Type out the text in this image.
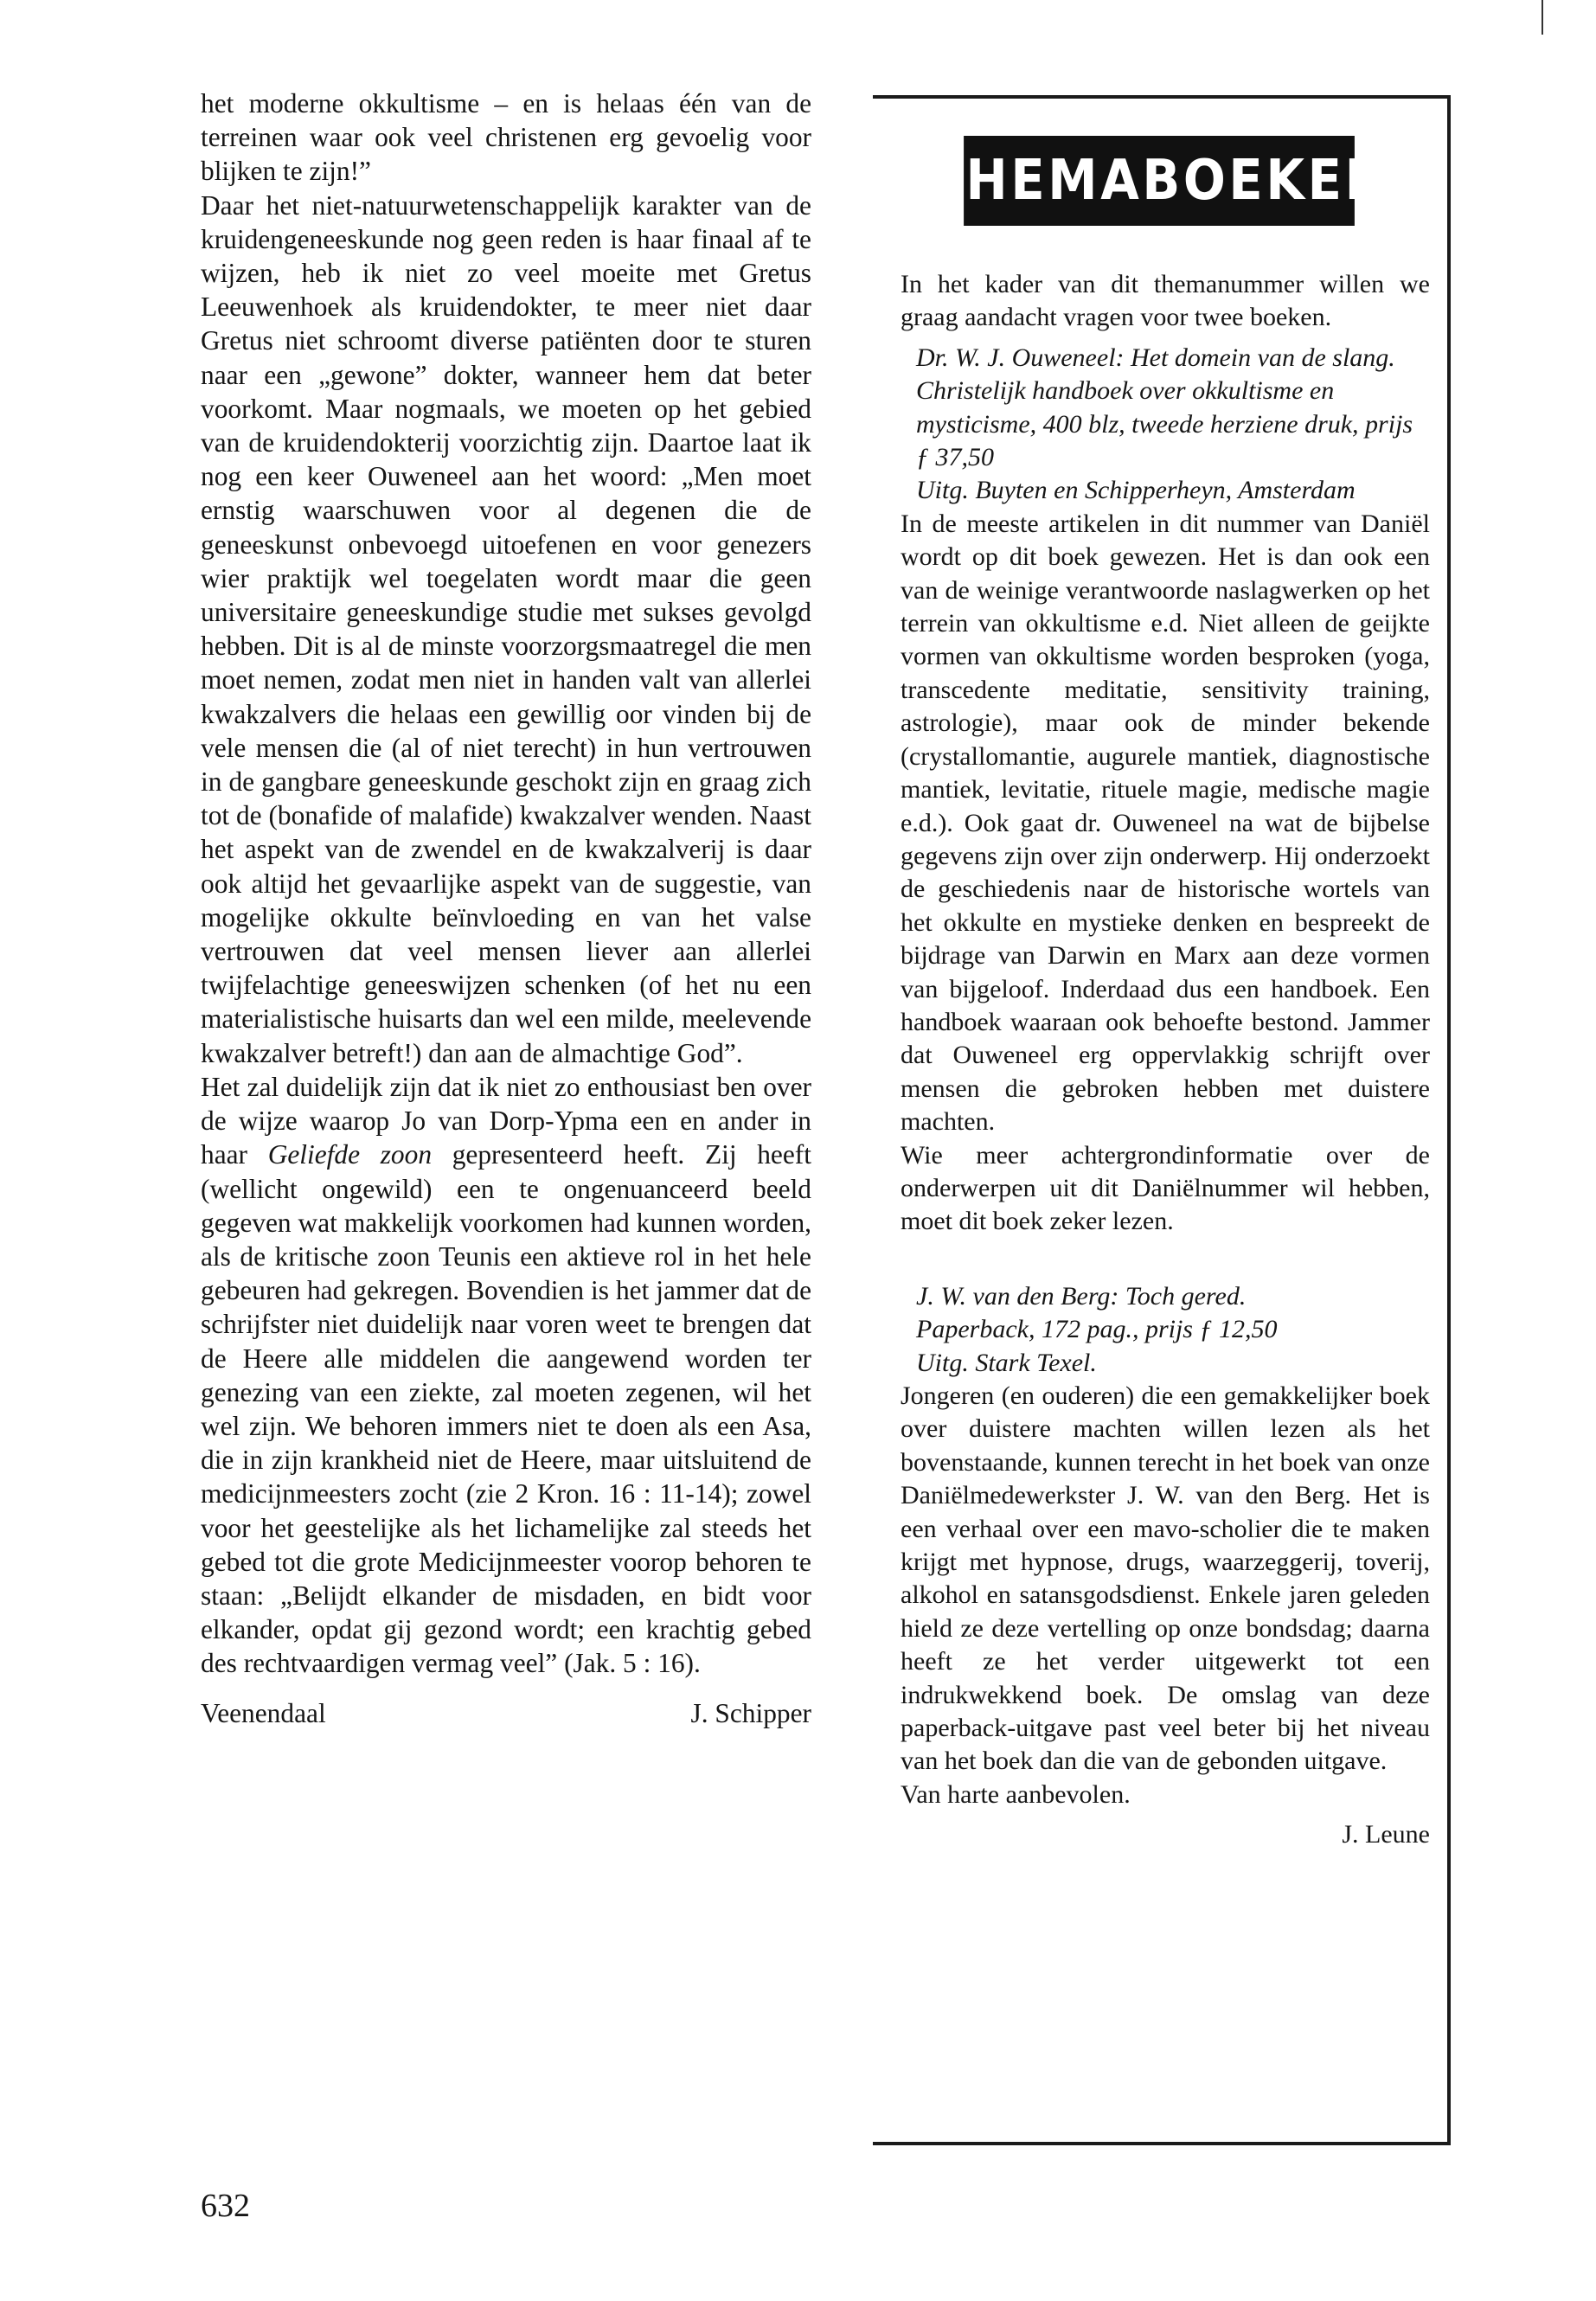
het moderne okkultisme – en is helaas één van de terreinen waar ook veel christenen erg gevoelig voor blijken te zijn!”

Daar het niet-natuurwetenschappelijk karakter van de kruidengeneeskunde nog geen reden is haar finaal af te wijzen, heb ik niet zo veel moeite met Gretus Leeuwenhoek als kruidendokter, te meer niet daar Gretus niet schroomt diverse patiënten door te sturen naar een „gewone” dokter, wanneer hem dat beter voorkomt. Maar nogmaals, we moeten op het gebied van de kruidendokterij voorzichtig zijn. Daartoe laat ik nog een keer Ouweneel aan het woord: „Men moet ernstig waarschuwen voor al degenen die de geneeskunst onbevoegd uitoefenen en voor genezers wier praktijk wel toegelaten wordt maar die geen universitaire geneeskundige studie met sukses gevolgd hebben. Dit is al de minste voorzorgsmaatregel die men moet nemen, zodat men niet in handen valt van allerlei kwakzalvers die helaas een gewillig oor vinden bij de vele mensen die (al of niet terecht) in hun vertrouwen in de gangbare geneeskunde geschokt zijn en graag zich tot de (bonafide of malafide) kwakzalver wenden. Naast het aspekt van de zwendel en de kwakzalverij is daar ook altijd het gevaarlijke aspekt van de suggestie, van mogelijke okkulte beïnvloeding en van het valse vertrouwen dat veel mensen liever aan allerlei twijfelachtige geneeswijzen schenken (of het nu een materialistische huisarts dan wel een milde, meelevende kwakzalver betreft!) dan aan de almachtige God”.

Het zal duidelijk zijn dat ik niet zo enthousiast ben over de wijze waarop Jo van Dorp-Ypma een en ander in haar Geliefde zoon gepresenteerd heeft. Zij heeft (wellicht ongewild) een te ongenuanceerd beeld gegeven wat makkelijk voorkomen had kunnen worden, als de kritische zoon Teunis een aktieve rol in het hele gebeuren had gekregen. Bovendien is het jammer dat de schrijfster niet duidelijk naar voren weet te brengen dat de Heere alle middelen die aangewend worden ter genezing van een ziekte, zal moeten zegenen, wil het wel zijn. We behoren immers niet te doen als een Asa, die in zijn krankheid niet de Heere, maar uitsluitend de medicijnmeesters zocht (zie 2 Kron. 16 : 11-14); zowel voor het geestelijke als het lichamelijke zal steeds het gebed tot die grote Medicijnmeester voorop behoren te staan: „Belijdt elkander de misdaden, en bidt voor elkander, opdat gij gezond wordt; een krachtig gebed des rechtvaardigen vermag veel” (Jak. 5 : 16).

Veenendaal	J. Schipper
632
THEMABOEKEN

In het kader van dit themanummer willen we graag aandacht vragen voor twee boeken.

Dr. W. J. Ouweneel: Het domein van de slang. Christelijk handboek over okkultisme en mysticisme, 400 blz, tweede herziene druk, prijs ƒ 37,50
Uitg. Buyten en Schipperheyn, Amsterdam

In de meeste artikelen in dit nummer van Daniël wordt op dit boek gewezen. Het is dan ook een van de weinige verantwoorde naslagwerken op het terrein van okkultisme e.d. Niet alleen de geijkte vormen van okkultisme worden besproken (yoga, transcedente meditatie, sensitivity training, astrologie), maar ook de minder bekende (crystallomantie, augurele mantiek, diagnostische mantiek, levitatie, rituele magie, medische magie e.d.). Ook gaat dr. Ouweneel na wat de bijbelse gegevens zijn over zijn onderwerp. Hij onderzoekt de geschiedenis naar de historische wortels van het okkulte en mystieke denken en bespreekt de bijdrage van Darwin en Marx aan deze vormen van bijgeloof. Inderdaad dus een handboek. Een handboek waaraan ook behoefte bestond. Jammer dat Ouweneel erg oppervlakkig schrijft over mensen die gebroken hebben met duistere machten.

Wie meer achtergrondinformatie over de onderwerpen uit dit Daniëlnummer wil hebben, moet dit boek zeker lezen.

J. W. van den Berg: Toch gered.
Paperback, 172 pag., prijs ƒ 12,50
Uitg. Stark Texel.

Jongeren (en ouderen) die een gemakkelijker boek over duistere machten willen lezen als het bovenstaande, kunnen terecht in het boek van onze Daniëlmedewerkster J. W. van den Berg. Het is een verhaal over een mavo-scholier die te maken krijgt met hypnose, drugs, waarzeggerij, toverij, alkohol en satansgodsdienst. Enkele jaren geleden hield ze deze vertelling op onze bondsdag; daarna heeft ze het verder uitgewerkt tot een indrukwekkend boek. De omslag van deze paperback-uitgave past veel beter bij het niveau van het boek dan die van de gebonden uitgave.

Van harte aanbevolen.

J. Leune
